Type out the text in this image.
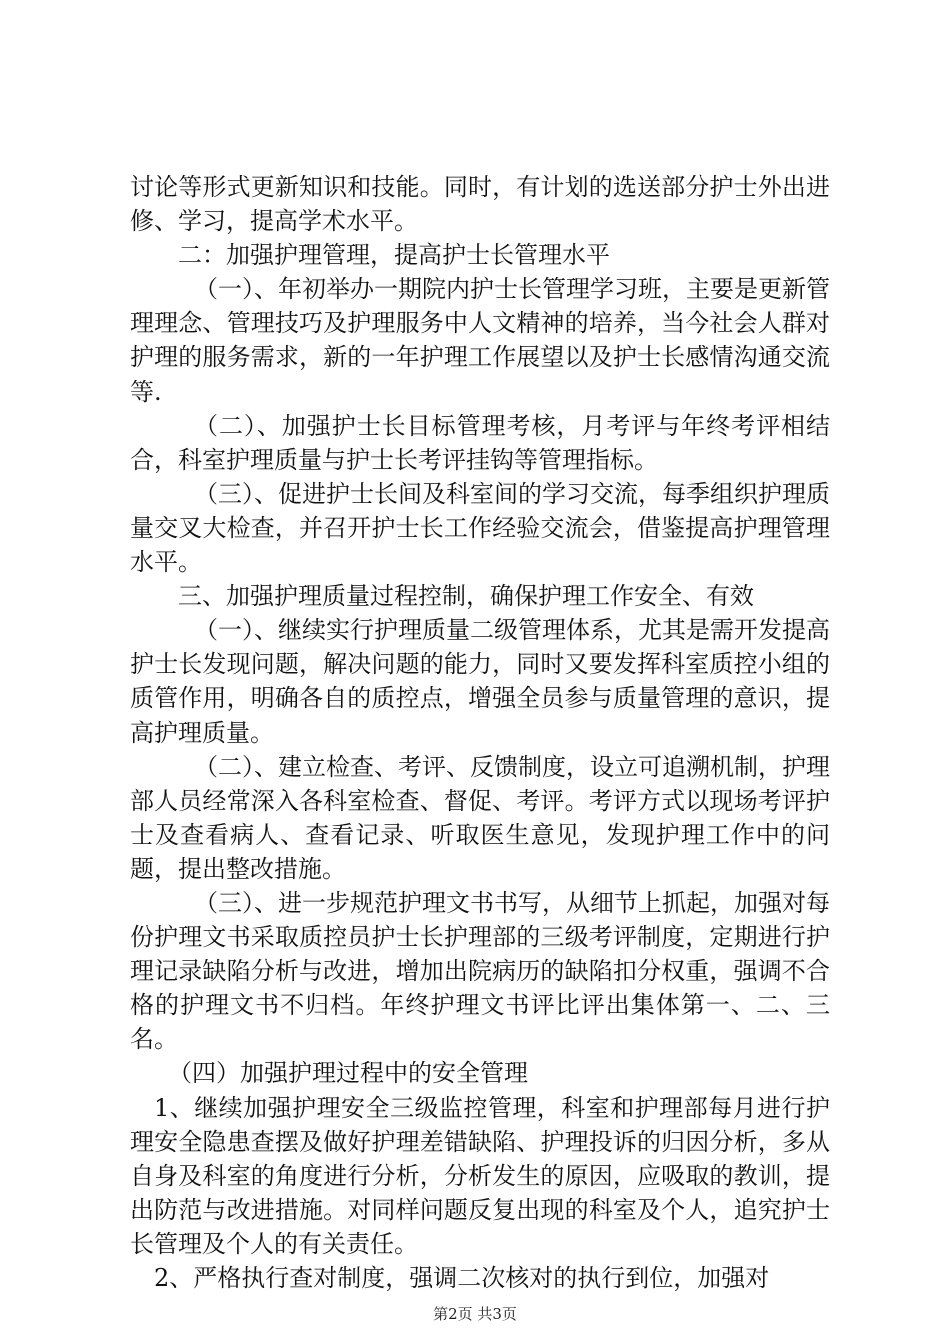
讨论等形式更新知识和技能。同时，有计划的选送部分护士外出进修、学习，提高学术水平。

二：加强护理管理，提高护士长管理水平

（一）、年初举办一期院内护士长管理学习班，主要是更新管理理念、管理技巧及护理服务中人文精神的培养，当今社会人群对护理的服务需求，新的一年护理工作展望以及护士长感情沟通交流等.

（二）、加强护士长目标管理考核，月考评与年终考评相结合，科室护理质量与护士长考评挂钩等管理指标。

（三）、促进护士长间及科室间的学习交流，每季组织护理质量交叉大检查，并召开护士长工作经验交流会，借鉴提高护理管理水平。

三、加强护理质量过程控制，确保护理工作安全、有效

（一）、继续实行护理质量二级管理体系，尤其是需开发提高护士长发现问题，解决问题的能力，同时又要发挥科室质控小组的质管作用，明确各自的质控点，增强全员参与质量管理的意识，提高护理质量。

（二）、建立检查、考评、反馈制度，设立可追溯机制，护理部人员经常深入各科室检查、督促、考评。考评方式以现场考评护士及查看病人、查看记录、听取医生意见，发现护理工作中的问题，提出整改措施。

（三）、进一步规范护理文书书写，从细节上抓起，加强对每份护理文书采取质控员护士长护理部的三级考评制度，定期进行护理记录缺陷分析与改进，增加出院病历的缺陷扣分权重，强调不合格的护理文书不归档。年终护理文书评比评出集体第一、二、三名。

（四）加强护理过程中的安全管理

1、继续加强护理安全三级监控管理，科室和护理部每月进行护理安全隐患查摆及做好护理差错缺陷、护理投诉的归因分析，多从自身及科室的角度进行分析，分析发生的原因，应吸取的教训，提出防范与改进措施。对同样问题反复出现的科室及个人，追究护士长管理及个人的有关责任。

2、严格执行查对制度，强调二次核对的执行到位，加强对

第2页 共3页
